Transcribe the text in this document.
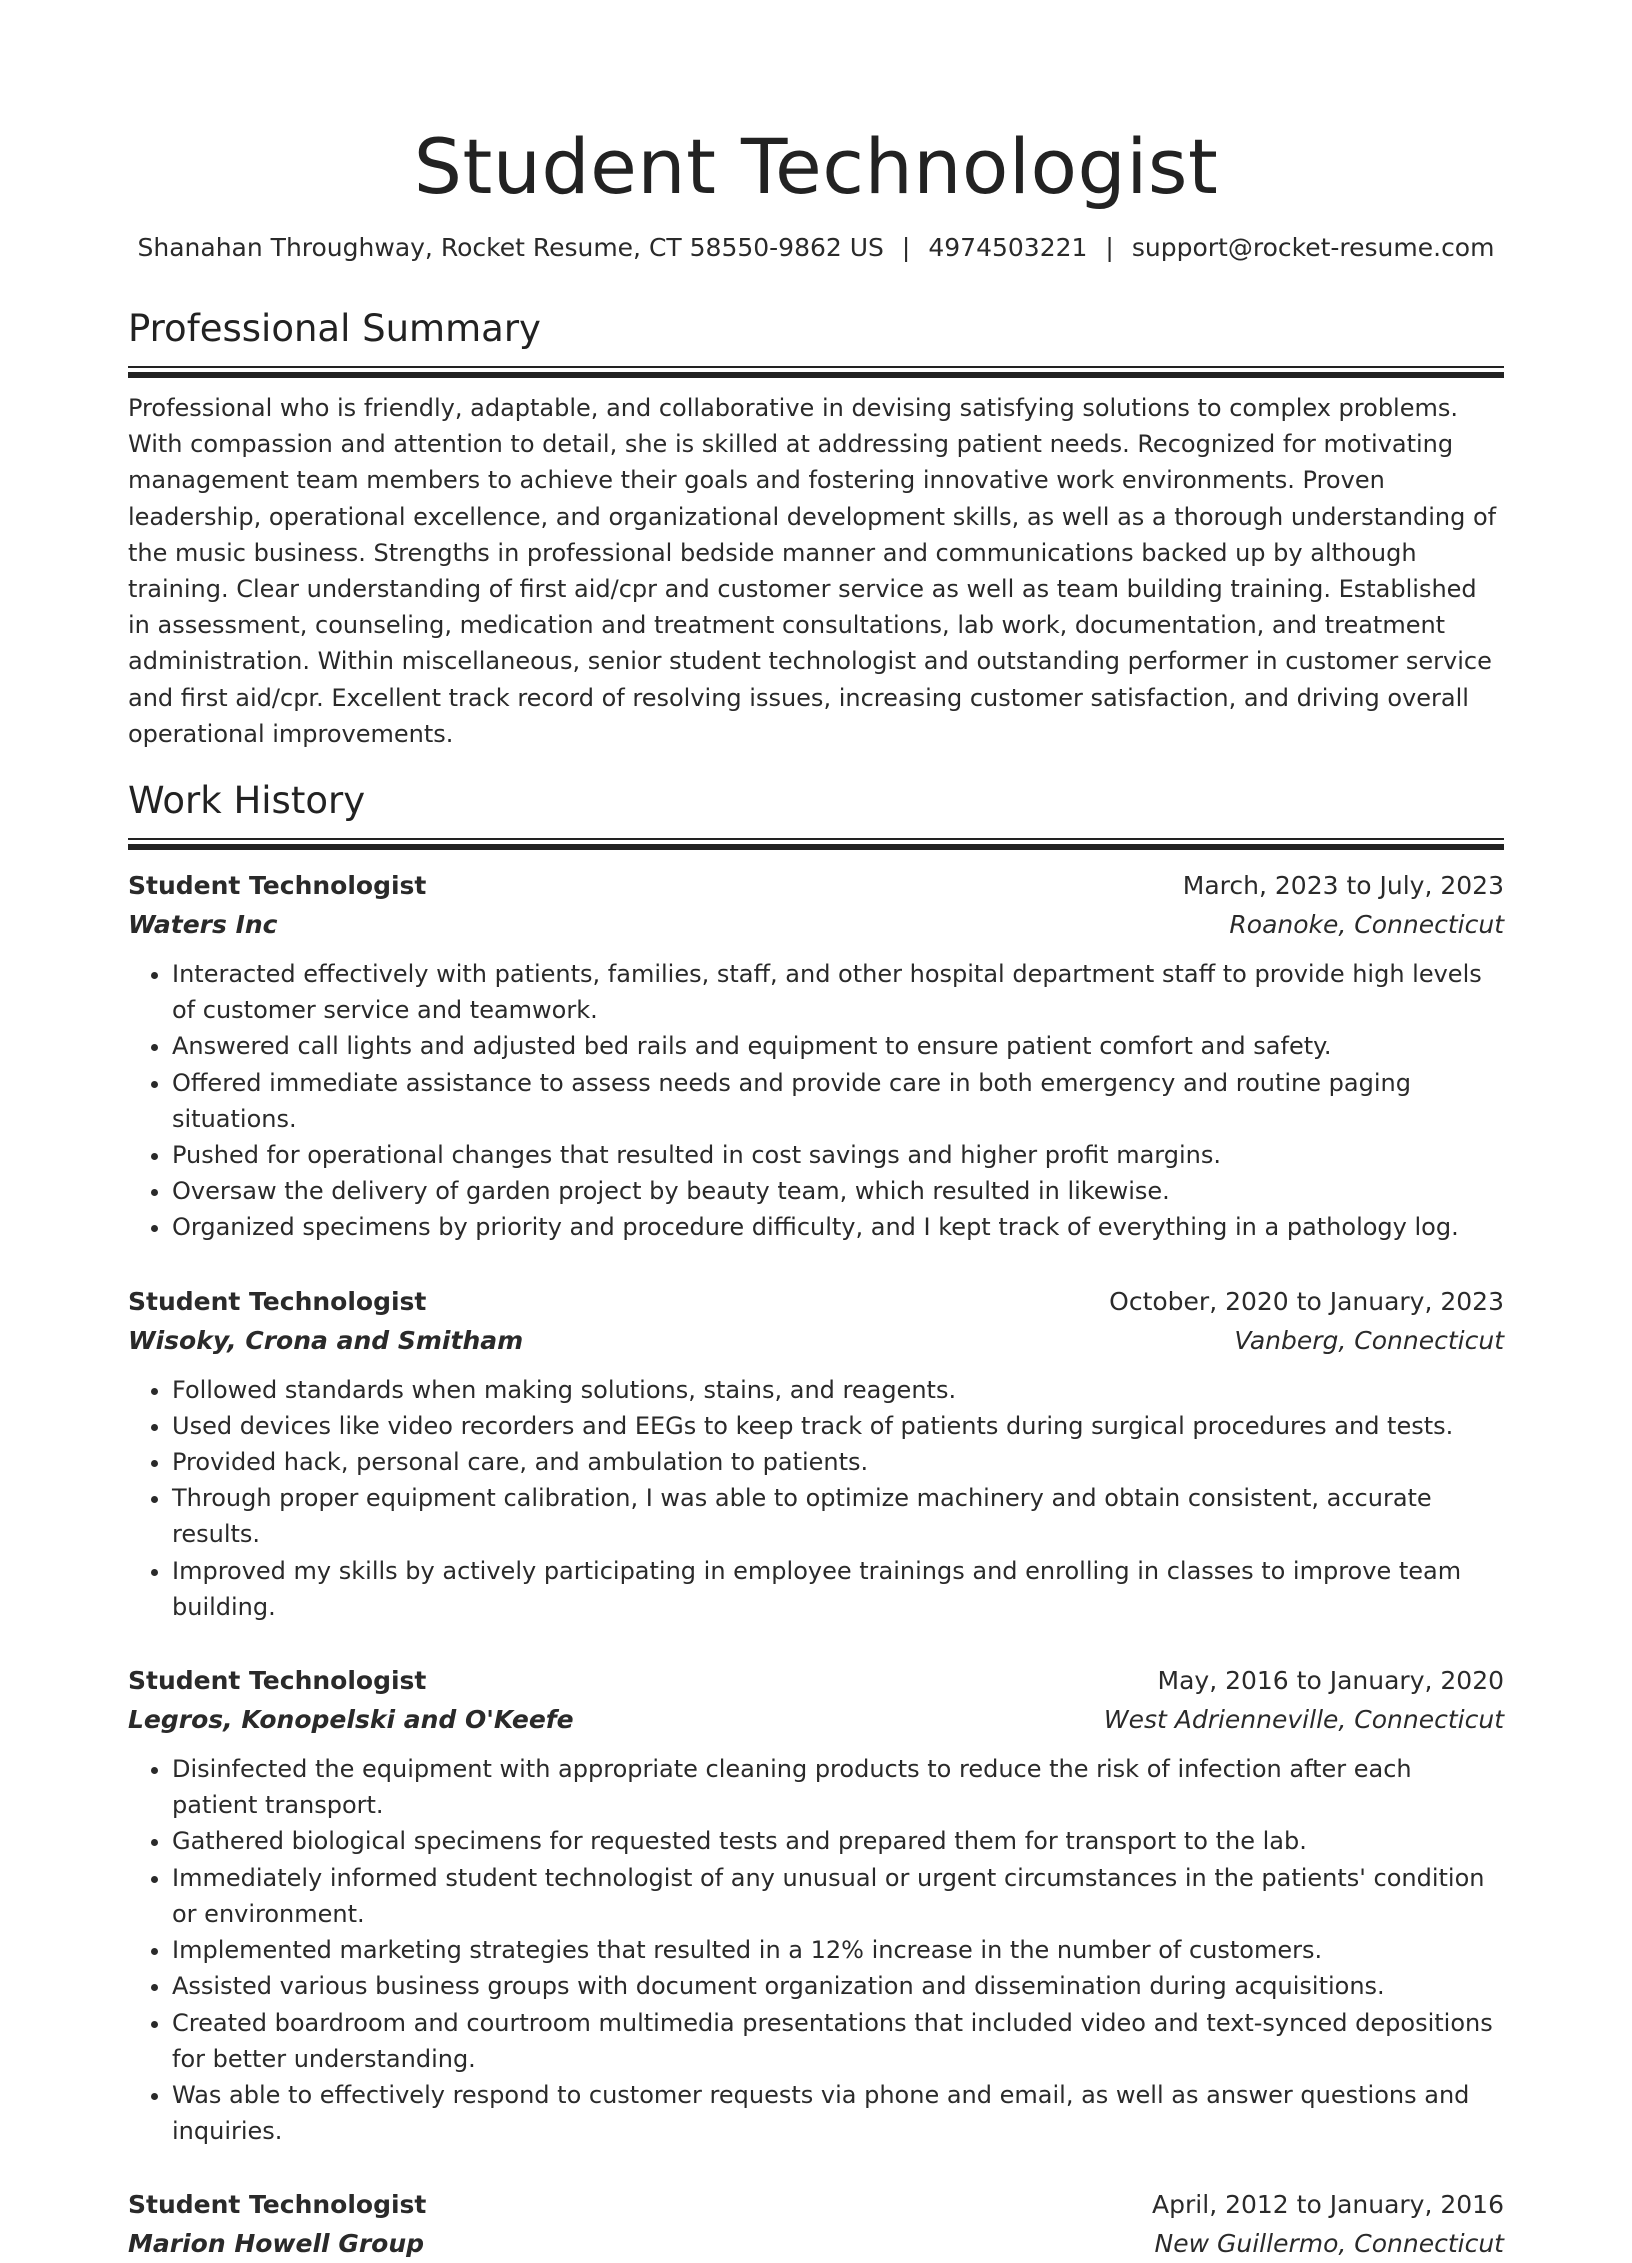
Student Technologist
Shanahan Throughway, Rocket Resume, CT 58550-9862 US | 4974503221 | support@rocket-resume.com
Professional Summary

Professional who is friendly, adaptable, and collaborative in devising satisfying solutions to complex problems. With compassion and attention to detail, she is skilled at addressing patient needs. Recognized for motivating management team members to achieve their goals and fostering innovative work environments. Proven leadership, operational excellence, and organizational development skills, as well as a thorough understanding of the music business. Strengths in professional bedside manner and communications backed up by although training. Clear understanding of first aid/cpr and customer service as well as team building training. Established in assessment, counseling, medication and treatment consultations, lab work, documentation, and treatment administration. Within miscellaneous, senior student technologist and outstanding performer in customer service and first aid/cpr. Excellent track record of resolving issues, increasing customer satisfaction, and driving overall operational improvements.

Work History
Student Technologist	March, 2023 to July, 2023
Waters Inc	Roanoke, Connecticut
• Interacted effectively with patients, families, staff, and other hospital department staff to provide high levels of customer service and teamwork.
• Answered call lights and adjusted bed rails and equipment to ensure patient comfort and safety.
• Offered immediate assistance to assess needs and provide care in both emergency and routine paging situations.
• Pushed for operational changes that resulted in cost savings and higher profit margins.
• Oversaw the delivery of garden project by beauty team, which resulted in likewise.
• Organized specimens by priority and procedure difficulty, and I kept track of everything in a pathology log.
Student Technologist	October, 2020 to January, 2023
Wisoky, Crona and Smitham	Vanberg, Connecticut
• Followed standards when making solutions, stains, and reagents.
• Used devices like video recorders and EEGs to keep track of patients during surgical procedures and tests.
• Provided hack, personal care, and ambulation to patients.
• Through proper equipment calibration, I was able to optimize machinery and obtain consistent, accurate results.
• Improved my skills by actively participating in employee trainings and enrolling in classes to improve team building.
Student Technologist	May, 2016 to January, 2020
Legros, Konopelski and O'Keefe	West Adrienneville, Connecticut
• Disinfected the equipment with appropriate cleaning products to reduce the risk of infection after each patient transport.
• Gathered biological specimens for requested tests and prepared them for transport to the lab.
• Immediately informed student technologist of any unusual or urgent circumstances in the patients' condition or environment.
• Implemented marketing strategies that resulted in a 12% increase in the number of customers.
• Assisted various business groups with document organization and dissemination during acquisitions.
• Created boardroom and courtroom multimedia presentations that included video and text-synced depositions for better understanding.
• Was able to effectively respond to customer requests via phone and email, as well as answer questions and inquiries.
Student Technologist	April, 2012 to January, 2016
Marion Howell Group	New Guillermo, Connecticut
